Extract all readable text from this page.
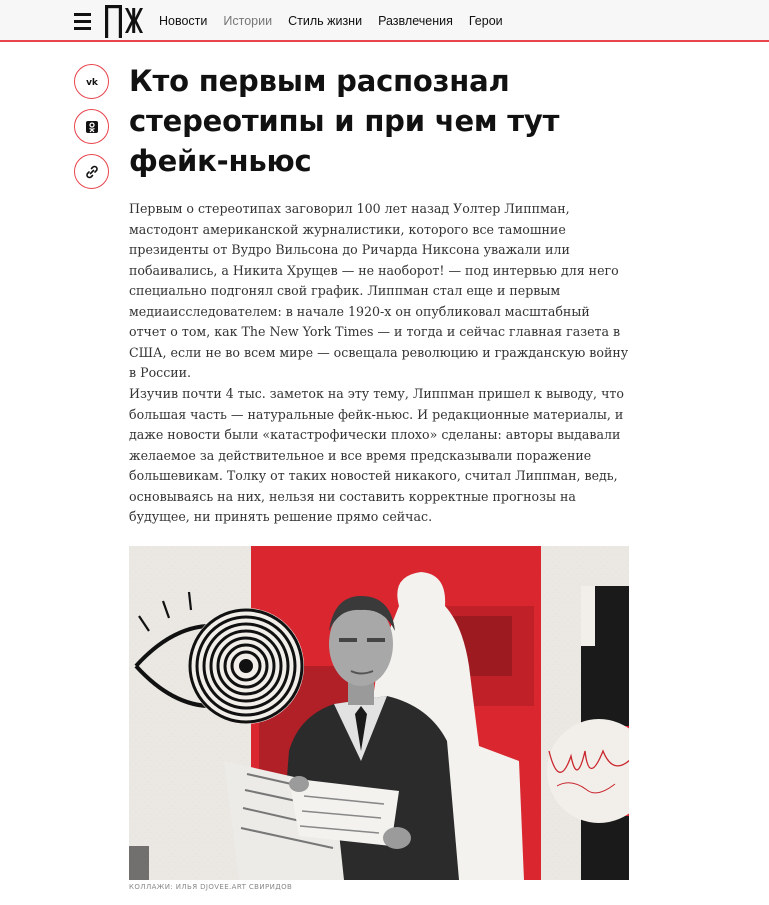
Новости Истории Стиль жизни Развлечения Герои
vk Кто первым распознал стереотипы и при чем тут фейк-ньюс

Первым о стереотипах заговорил 100 лет назад Уолтер Липпман, мастодонт американской журналистики, которого все тамошние президенты от Вудро Вильсона до Ричарда Никсона уважали или побаивались, а Никита Хрущев — не наоборот! — под интервью для него специально подгонял свой график. Липпман стал еще и первым медиаисследователем: в начале 1920-х он опубликовал масштабный отчет о том, как The New York Times — и тогда и сейчас главная газета в США, если не во всем мире — освещала революцию и гражданскую войну в России.

Изучив почти 4 тыс. заметок на эту тему, Липпман пришел к выводу, что большая часть — натуральные фейк-ньюс. И редакционные материалы, и даже новости были «катастрофически плохо» сделаны: авторы выдавали желаемое за действительное и все время предсказывали поражение большевикам. Толку от таких новостей никакого, считал Липпман, ведь, основываясь на них, нельзя ни составить корректные прогнозы на будущее, ни принять решение прямо сейчас.

КОЛЛАЖИ: ИЛЬЯ DJOVEE.ART СВИРИДОВ
